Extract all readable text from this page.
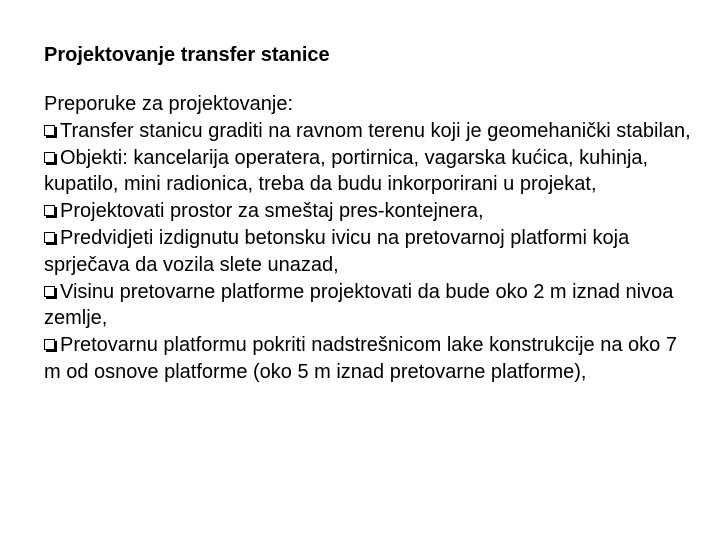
Projektovanje transfer stanice

Preporuke za projektovanje:

Transfer stanicu graditi na ravnom terenu koji je geomehanički stabilan,
Objekti: kancelarija operatera, portirnica, vagarska kućica, kuhinja, kupatilo, mini radionica, treba da budu inkorporirani u projekat,
Projektovati prostor za smeštaj pres-kontejnera,
Predvidjeti izdignutu betonsku ivicu na pretovarnoj platformi koja sprječava da vozila slete unazad,
Visinu pretovarne platforme projektovati da bude oko 2 m iznad nivoa zemlje,
Pretovarnu platformu pokriti nadstrešnicom lake konstrukcije na oko 7 m od osnove platforme (oko 5 m iznad pretovarne platforme),
